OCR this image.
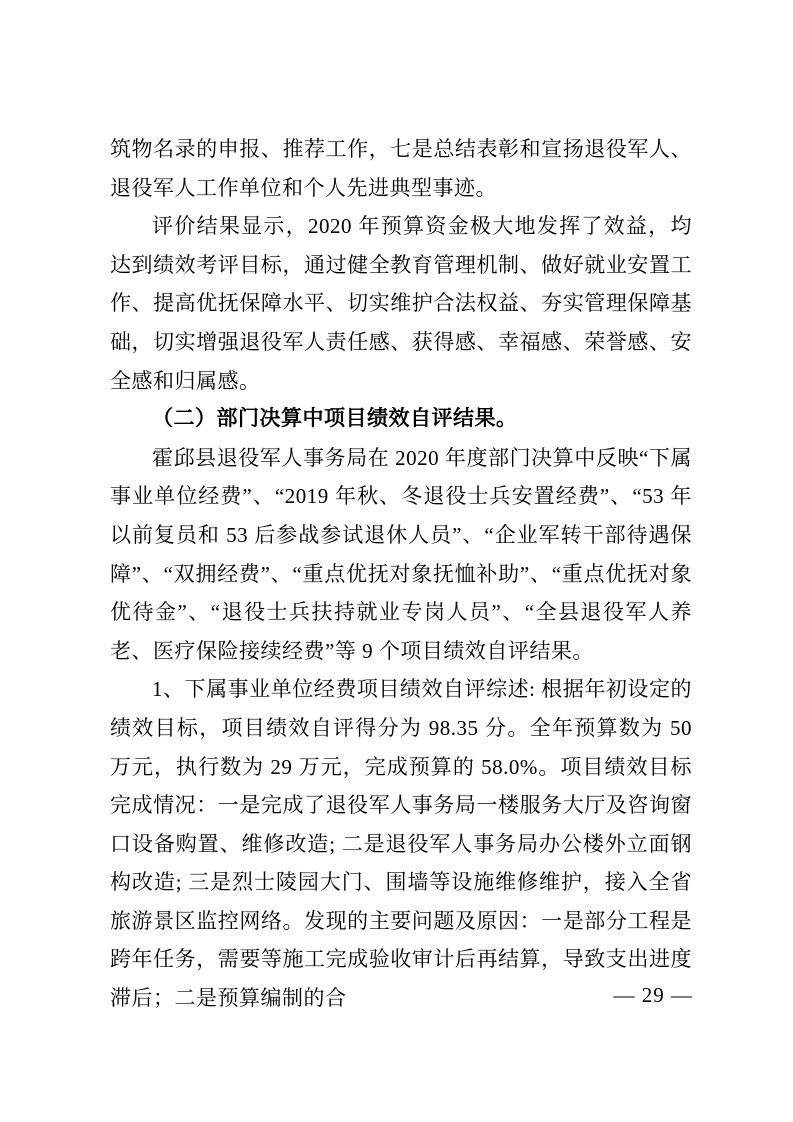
筑物名录的申报、推荐工作，七是总结表彰和宣扬退役军人、退役军人工作单位和个人先进典型事迹。

评价结果显示，2020 年预算资金极大地发挥了效益，均达到绩效考评目标，通过健全教育管理机制、做好就业安置工作、提高优抚保障水平、切实维护合法权益、夯实管理保障基础，切实增强退役军人责任感、获得感、幸福感、荣誉感、安全感和归属感。

（二）部门决算中项目绩效自评结果。

霍邱县退役军人事务局在 2020 年度部门决算中反映“下属事业单位经费”、“2019 年秋、冬退役士兵安置经费”、“53 年以前复员和 53 后参战参试退休人员”、“企业军转干部待遇保障”、“双拥经费”、“重点优抚对象抚恤补助”、“重点优抚对象优待金”、“退役士兵扶持就业专岗人员”、“全县退役军人养老、医疗保险接续经费”等 9 个项目绩效自评结果。

1、下属事业单位经费项目绩效自评综述: 根据年初设定的绩效目标，项目绩效自评得分为 98.35 分。全年预算数为 50 万元，执行数为 29 万元，完成预算的 58.0%。项目绩效目标完成情况：一是完成了退役军人事务局一楼服务大厅及咨询窗口设备购置、维修改造; 二是退役军人事务局办公楼外立面钢构改造; 三是烈士陵园大门、围墙等设施维修维护，接入全省旅游景区监控网络。发现的主要问题及原因：一是部分工程是跨年任务，需要等施工完成验收审计后再结算，导致支出进度滞后；二是预算编制的合	— 29 —
